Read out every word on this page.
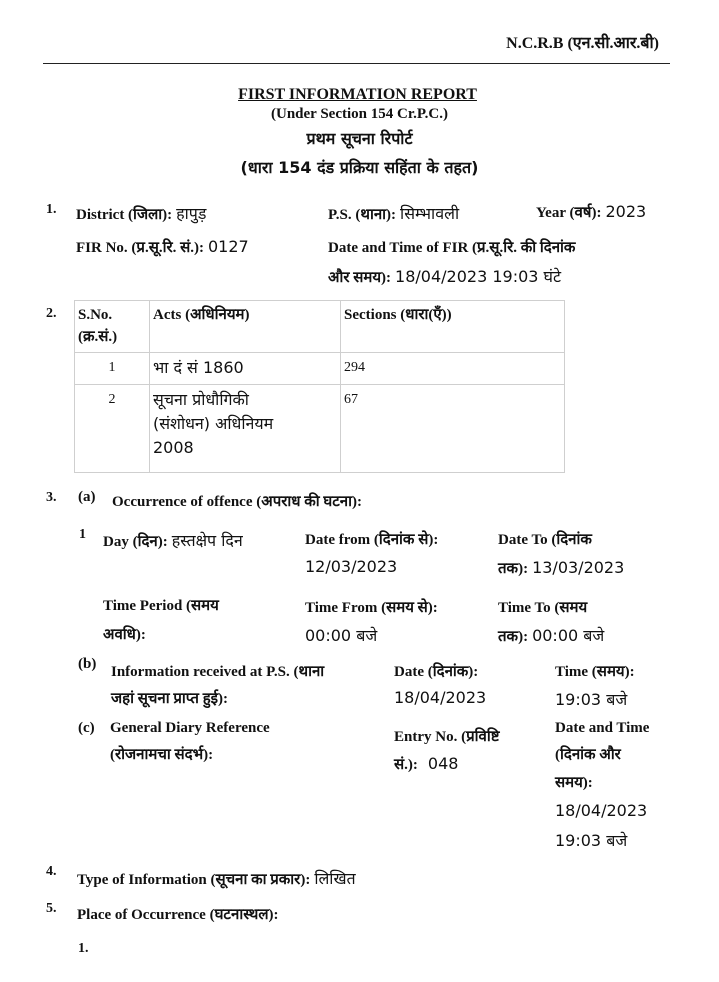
N.C.R.B (एन.सी.आर.बी)
FIRST INFORMATION REPORT
(Under Section 154 Cr.P.C.)
प्रथम सूचना रिपोर्ट
(धारा 154 दंड प्रक्रिया सहिंता के तहत)
1. District (जिला): हापुड़	P.S. (थाना): सिम्भावली	Year (वर्ष): 2023
FIR No. (प्र.सू.रि. सं.): 0127	Date and Time of FIR (प्र.सू.रि. की दिनांक
और समय): 18/04/2023 19:03 घंटे
2. S.No.
(क्र.सं.)	Acts (अधिनियम)	Sections (धारा(एँ))
1	भा दं सं 1860	294
2	सूचना प्रोधौगिकी
(संशोधन) अधिनियम
2008	67
3. (a) Occurrence of offence (अपराध की घटना):
1 Day (दिन): हस्तक्षेप दिन	Date from (दिनांक से):
12/03/2023
Date To (दिनांक
तक): 13/03/2023
Time Period (समय
अवधि):
Time From (समय से):
00:00 बजे
Time To (समय
तक): 00:00 बजे
(b) Information received at P.S. (थाना
जहां सूचना प्राप्त हुई):
Date (दिनांक):
18/04/2023
Time (समय):
19:03 बजे
(c) General Diary Reference
(रोजनामचा संदर्भ):
Entry No. (प्रविष्टि
सं.): 048
Date and Time
(दिनांक और
समय):
18/04/2023
19:03 बजे
4.
Type of Information (सूचना का प्रकार): लिखित
5. Place of Occurrence (घटनास्थल):
1.
